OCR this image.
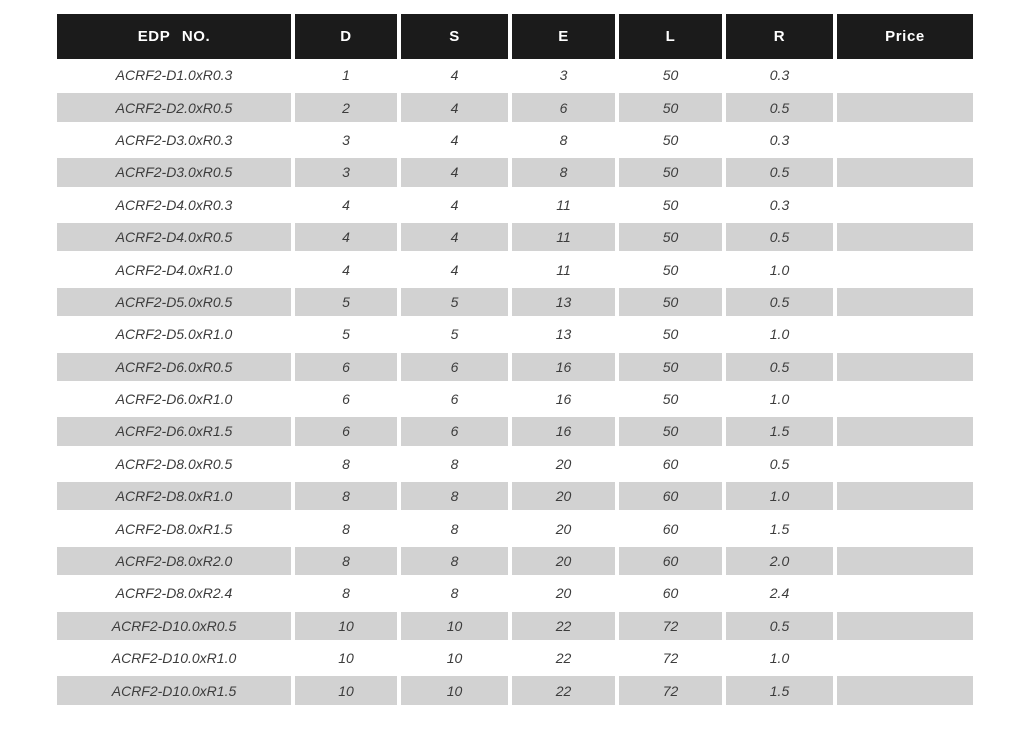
EDP NO.	D	S	E	L	R	Price
ACRF2-D1.0xR0.3	1	4	3	50	0.3
ACRF2-D2.0xR0.5	2	4	6	50	0.5
ACRF2-D3.0xR0.3	3	4	8	50	0.3
ACRF2-D3.0xR0.5	3	4	8	50	0.5
ACRF2-D4.0xR0.3	4	4	11	50	0.3
ACRF2-D4.0xR0.5	4	4	11	50	0.5
ACRF2-D4.0xR1.0	4	4	11	50	1.0
ACRF2-D5.0xR0.5	5	5	13	50	0.5
ACRF2-D5.0xR1.0	5	5	13	50	1.0
ACRF2-D6.0xR0.5	6	6	16	50	0.5
ACRF2-D6.0xR1.0	6	6	16	50	1.0
ACRF2-D6.0xR1.5	6	6	16	50	1.5
ACRF2-D8.0xR0.5	8	8	20	60	0.5
ACRF2-D8.0xR1.0	8	8	20	60	1.0
ACRF2-D8.0xR1.5	8	8	20	60	1.5
ACRF2-D8.0xR2.0	8	8	20	60	2.0
ACRF2-D8.0xR2.4	8	8	20	60	2.4
ACRF2-D10.0xR0.5	10	10	22	72	0.5
ACRF2-D10.0xR1.0	10	10	22	72	1.0
ACRF2-D10.0xR1.5	10	10	22	72	1.5
